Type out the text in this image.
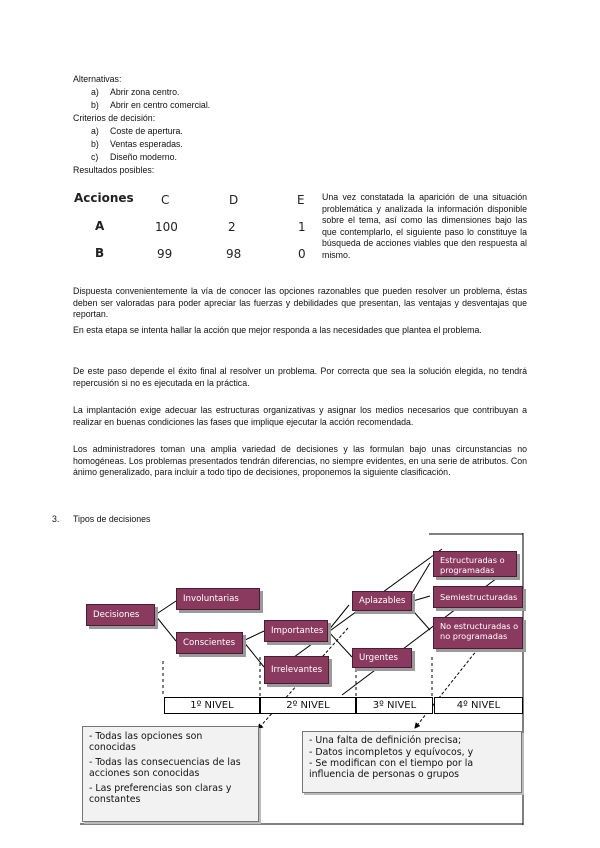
Alternativas:
a) Abrir zona centro.
b) Abrir en centro comercial.
Criterios de decisión:
a) Coste de apertura.
b) Ventas esperadas.
c) Diseño moderno.
Resultados posibles:
Acciones C	D	E
A	100	2	1
B	99	98	0
Una vez constatada la aparición de una situación problemática y analizada la información disponible sobre el tema, así como las dimensiones bajo las que contemplarlo, el siguiente paso lo constituye la búsqueda de acciones viables que den respuesta al mismo.
Dispuesta convenientemente la vía de conocer las opciones razonables que pueden resolver un problema, éstas deben ser valoradas para poder apreciar las fuerzas y debilidades que presentan, las ventajas y desventajas que reportan.
En esta etapa se intenta hallar la acción que mejor responda a las necesidades que plantea el problema.
De este paso depende el éxito final al resolver un problema. Por correcta que sea la solución elegida, no tendrá repercusión si no es ejecutada en la práctica.
La implantación exige adecuar las estructuras organizativas y asignar los medios necesarios que contribuyan a realizar en buenas condiciones las fases que implique ejecutar la acción recomendada.
Los administradores toman una amplia variedad de decisiones y las formulan bajo unas circunstancias no homogéneas. Los problemas presentados tendrán diferencias, no siempre evidentes, en una serie de atributos. Con ánimo generalizado, para incluir a todo tipo de decisiones, proponemos la siguiente clasificación.
3. Tipos de decisiones
Decisiones
Involuntarias
Conscientes
Importantes
Irrelevantes
Aplazables
Urgentes
Estructuradas o programadas
Semiestructuradas
No estructuradas o no programadas
1º NIVEL	2º NIVEL	3º NIVEL	4º NIVEL
- Todas las opciones son conocidas
- Todas las consecuencias de las acciones son conocidas
- Las preferencias son claras y constantes
- Una falta de definición precisa;
- Datos incompletos y equívocos, y
- Se modifican con el tiempo por la influencia de personas o grupos
